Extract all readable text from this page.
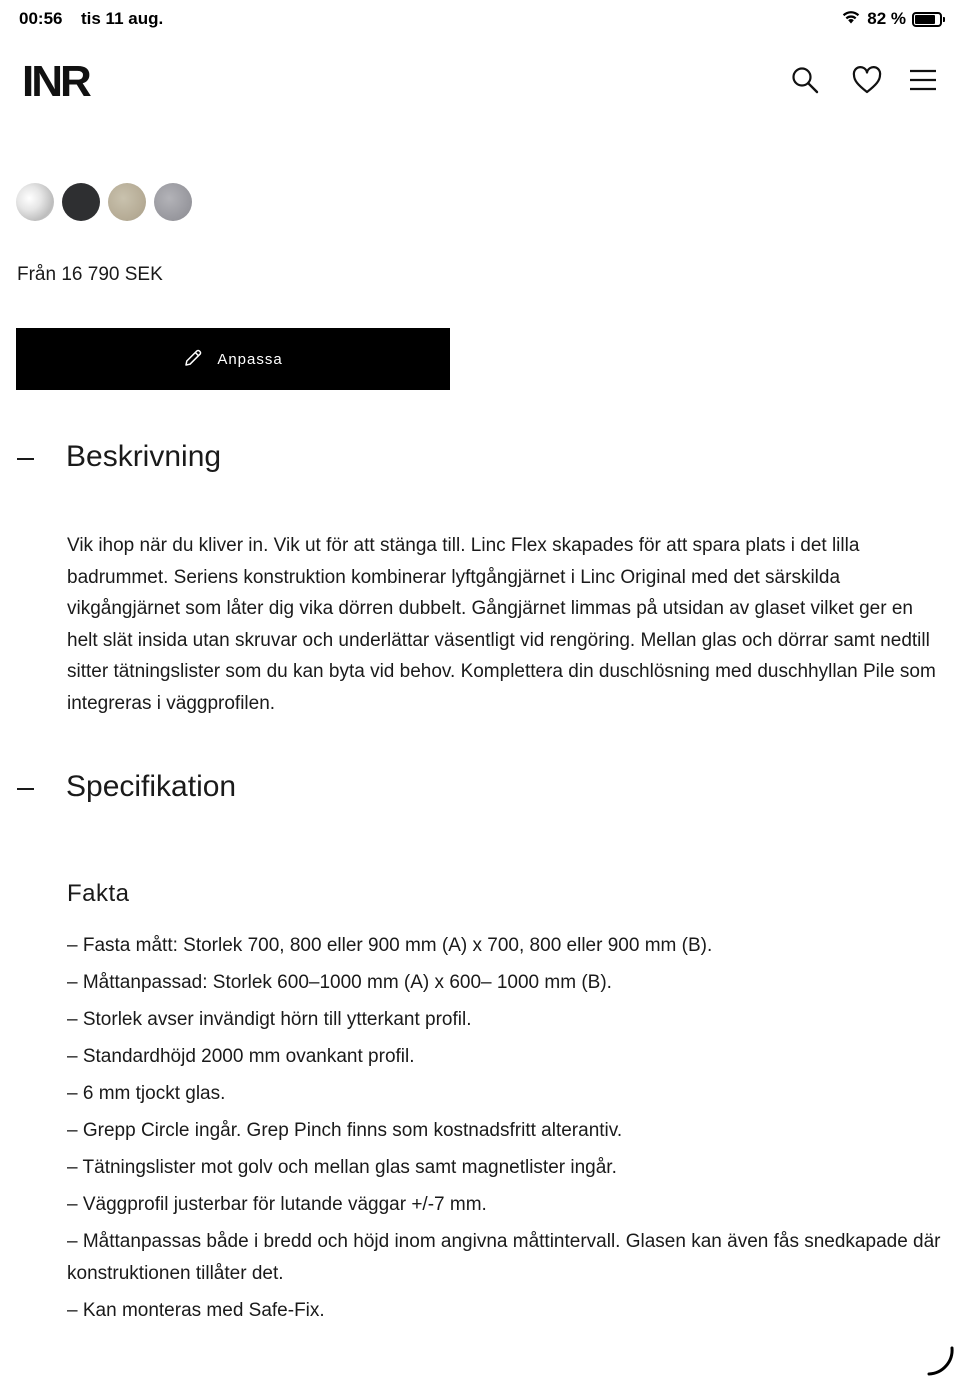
00:56 tis 11 aug.	82 %
INR
Från 16 790 SEK
Anpassa
Beskrivning

Vik ihop när du kliver in. Vik ut för att stänga till. Linc Flex skapades för att spara plats i det lilla badrummet. Seriens konstruktion kombinerar lyftgångjärnet i Linc Original med det särskilda vikgångjärnet som låter dig vika dörren dubbelt. Gångjärnet limmas på utsidan av glaset vilket ger en helt slät insida utan skruvar och underlättar väsentligt vid rengöring. Mellan glas och dörrar samt nedtill sitter tätningslister som du kan byta vid behov. Komplettera din duschlösning med duschhyllan Pile som integreras i väggprofilen.

Specifikation
Fakta
– Fasta mått: Storlek 700, 800 eller 900 mm (A) x 700, 800 eller 900 mm (B).
– Måttanpassad: Storlek 600–1000 mm (A) x 600– 1000 mm (B).
– Storlek avser invändigt hörn till ytterkant profil.
– Standardhöjd 2000 mm ovankant profil.
– 6 mm tjockt glas.
– Grepp Circle ingår. Grep Pinch finns som kostnadsfritt alterantiv.
– Tätningslister mot golv och mellan glas samt magnetlister ingår.
– Väggprofil justerbar för lutande väggar +/-7 mm.
– Måttanpassas både i bredd och höjd inom angivna måttintervall. Glasen kan även fås snedkapade där konstruktionen tillåter det.
– Kan monteras med Safe-Fix.
